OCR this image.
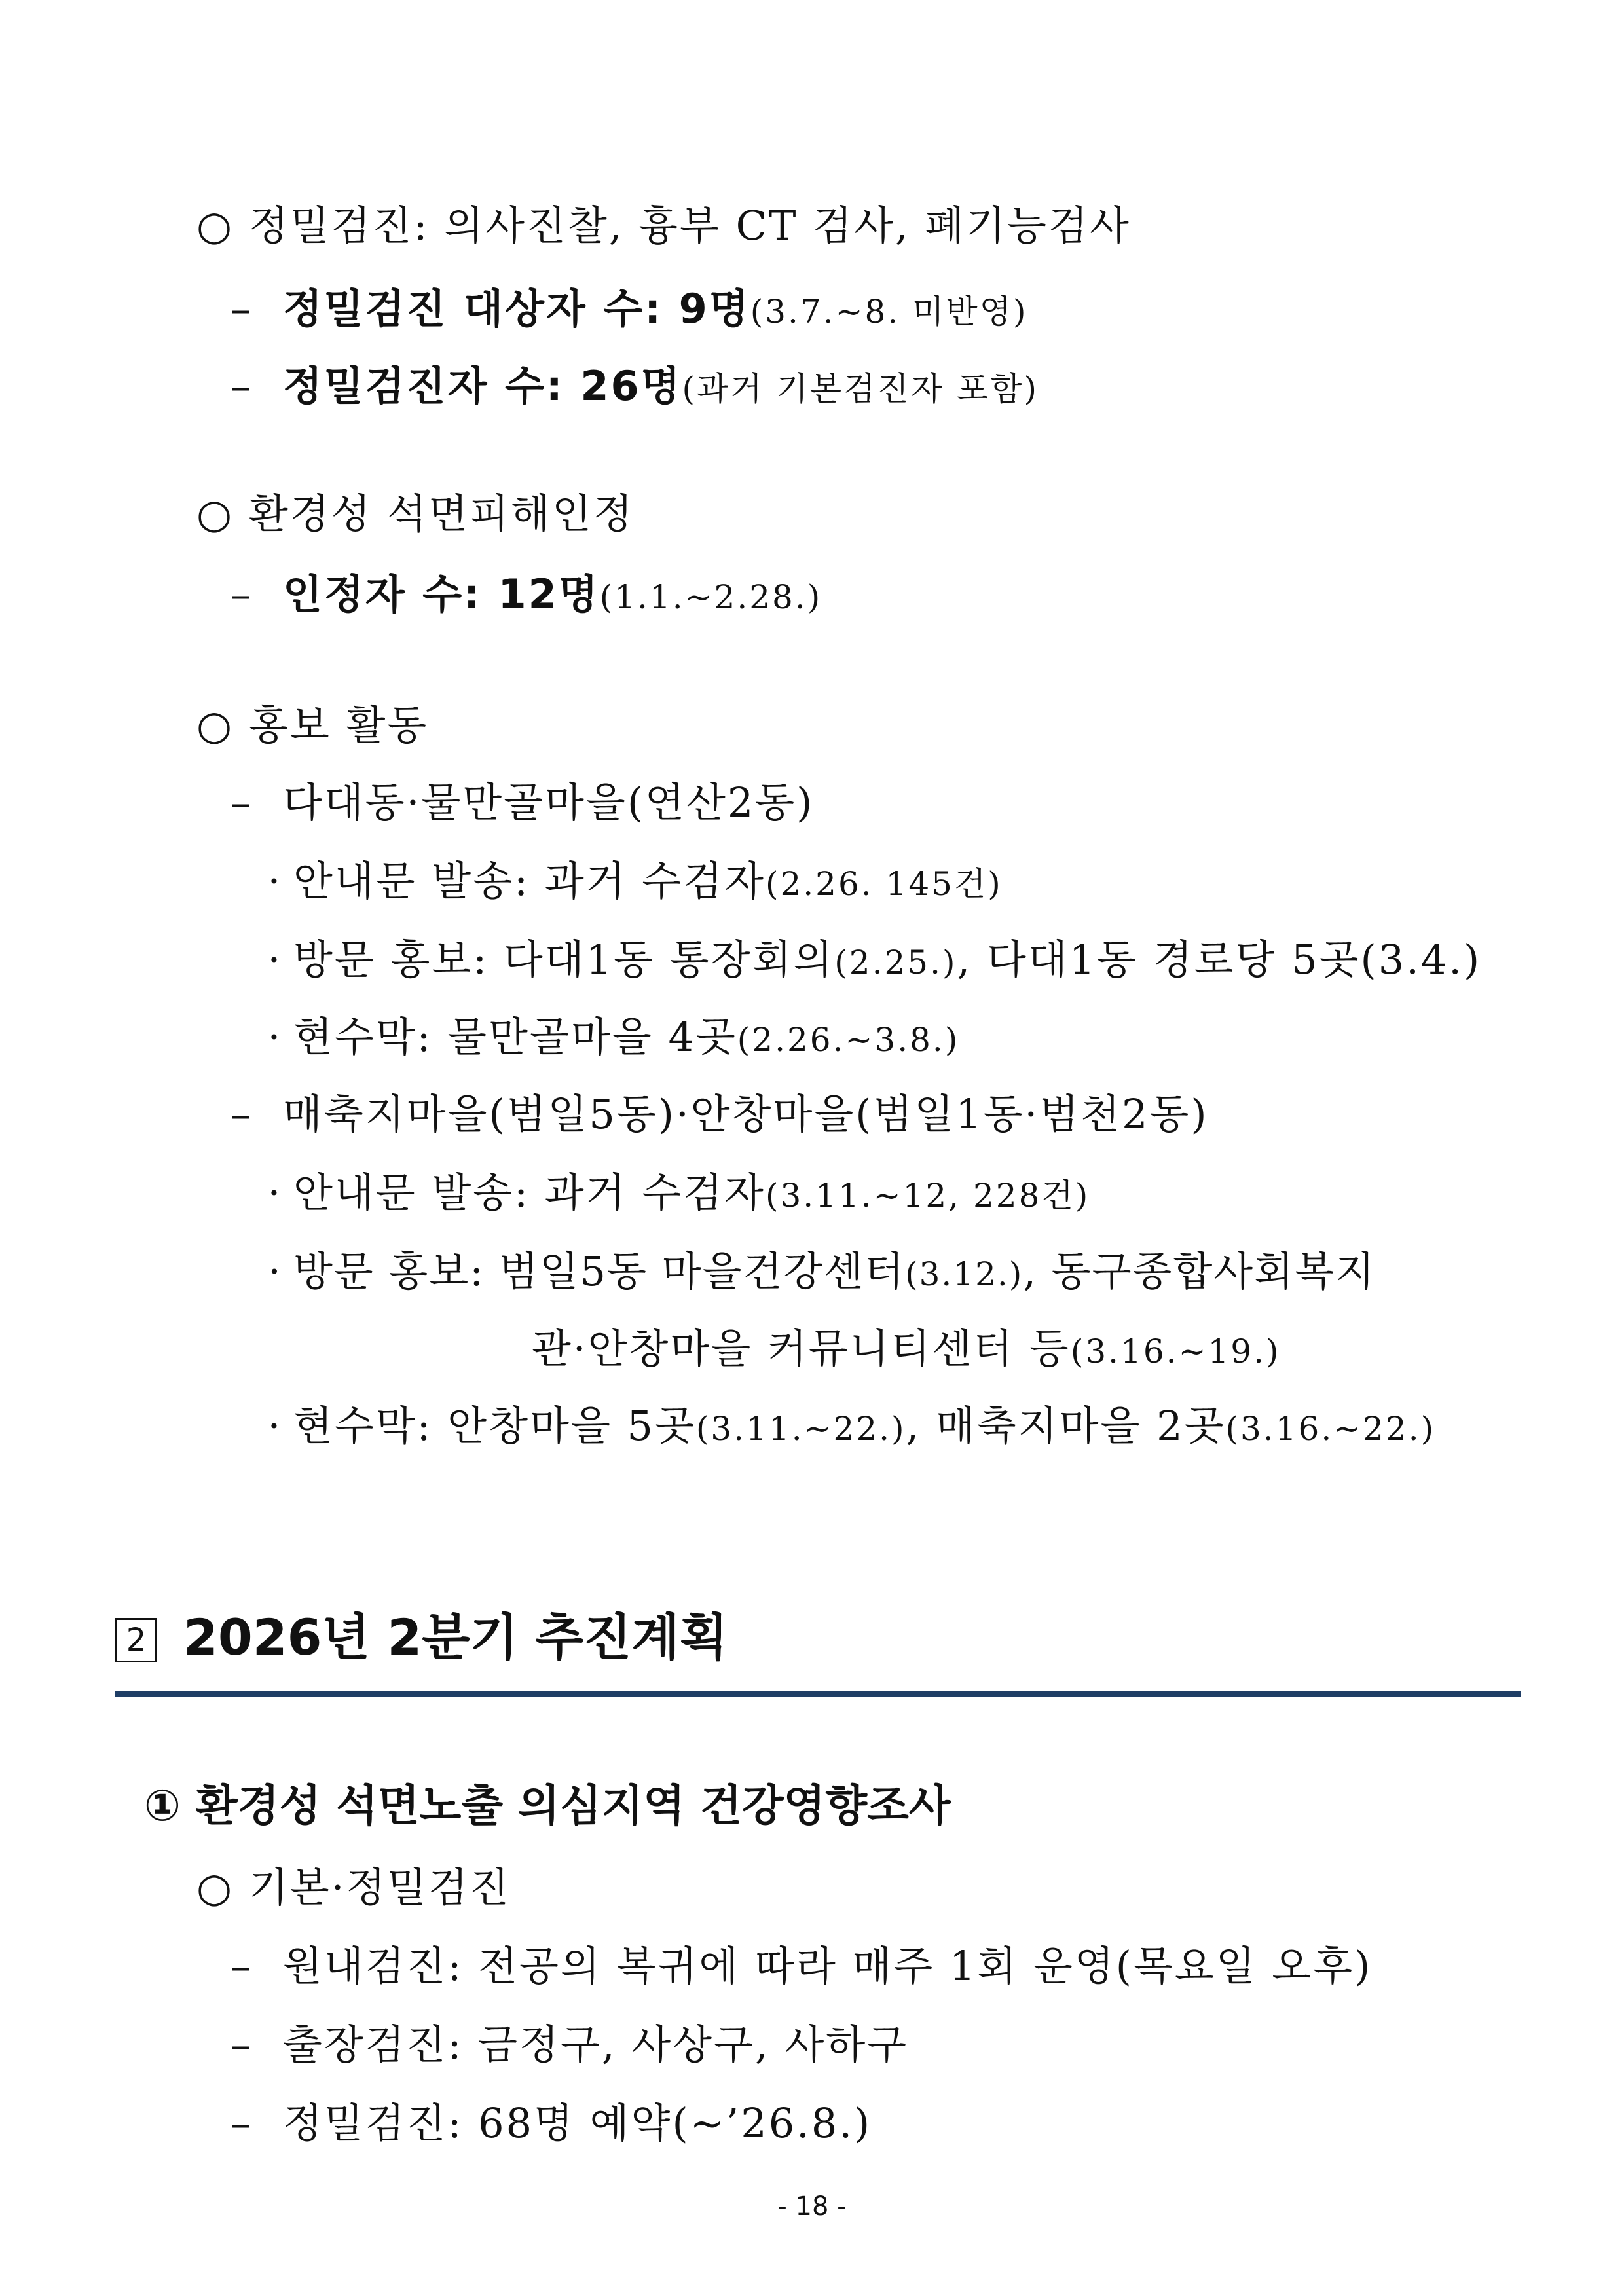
○ 정밀검진: 의사진찰, 흉부 CT 검사, 폐기능검사
– 정밀검진 대상자 수: 9명(3.7.~8. 미반영)
– 정밀검진자 수: 26명(과거 기본검진자 포함)
○ 환경성 석면피해인정
– 인정자 수: 12명(1.1.~2.28.)
○ 홍보 활동
– 다대동·물만골마을(연산2동)
· 안내문 발송: 과거 수검자(2.26. 145건)
· 방문 홍보: 다대1동 통장회의(2.25.), 다대1동 경로당 5곳(3.4.)
· 현수막: 물만골마을 4곳(2.26.~3.8.)
– 매축지마을(범일5동)·안창마을(범일1동·범천2동)
· 안내문 발송: 과거 수검자(3.11.~12, 228건)
· 방문 홍보: 범일5동 마을건강센터(3.12.), 동구종합사회복지
관·안창마을 커뮤니티센터 등(3.16.~19.)
· 현수막: 안창마을 5곳(3.11.~22.), 매축지마을 2곳(3.16.~22.)
2 2026년 2분기 추진계획
① 환경성 석면노출 의심지역 건강영향조사
○ 기본·정밀검진
– 원내검진: 전공의 복귀에 따라 매주 1회 운영(목요일 오후)
– 출장검진: 금정구, 사상구, 사하구
– 정밀검진: 68명 예약(~’26.8.)
- 18 -
